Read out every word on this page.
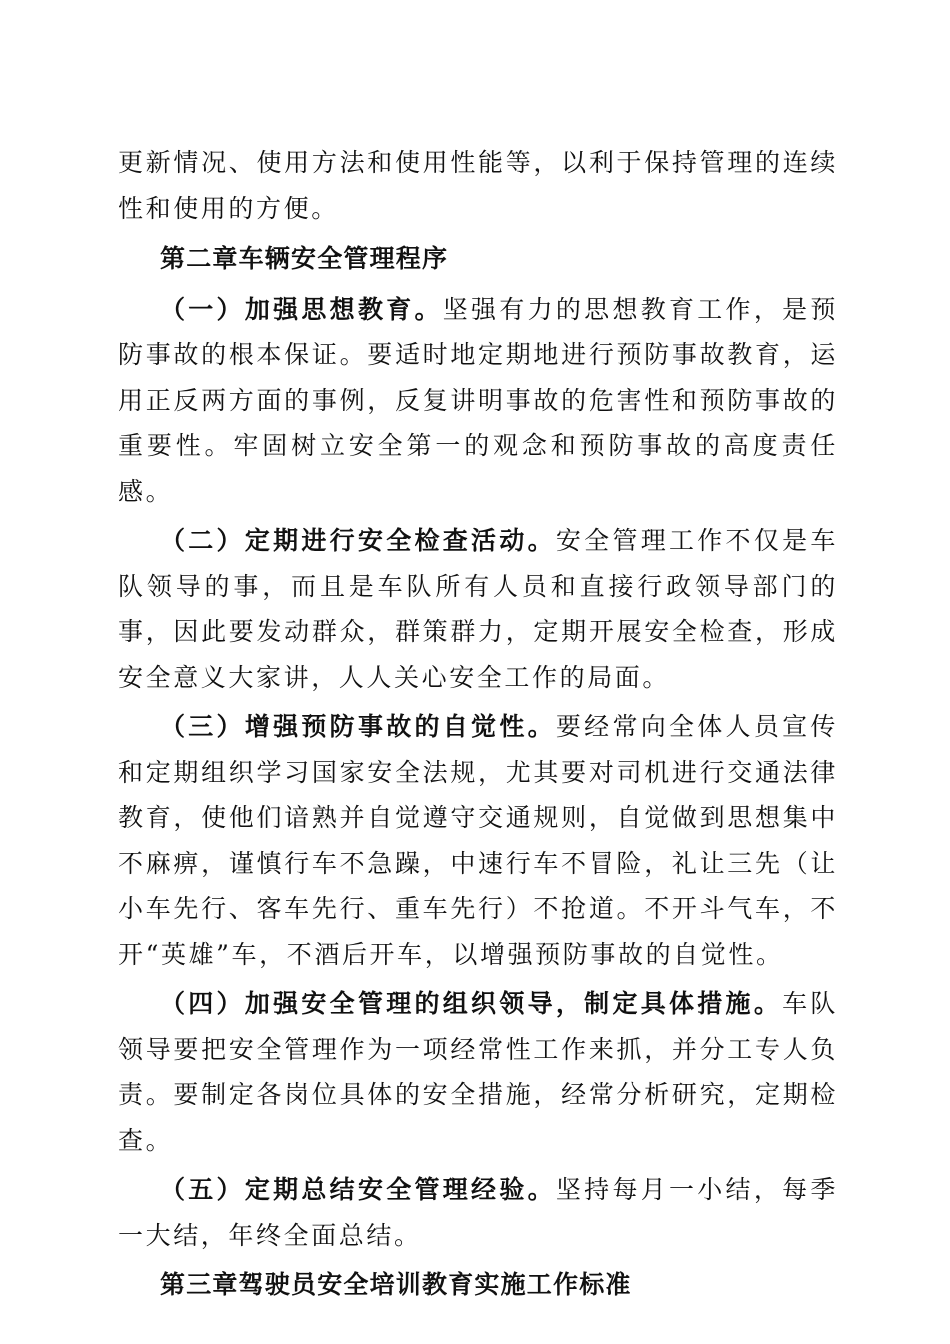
更新情况、使用方法和使用性能等，以利于保持管理的连续性和使用的方便。

第二章车辆安全管理程序

（一）加强思想教育。坚强有力的思想教育工作，是预防事故的根本保证。要适时地定期地进行预防事故教育，运用正反两方面的事例，反复讲明事故的危害性和预防事故的重要性。牢固树立安全第一的观念和预防事故的高度责任感。

（二）定期进行安全检查活动。安全管理工作不仅是车队领导的事，而且是车队所有人员和直接行政领导部门的事，因此要发动群众，群策群力，定期开展安全检查，形成安全意义大家讲，人人关心安全工作的局面。

（三）增强预防事故的自觉性。要经常向全体人员宣传和定期组织学习国家安全法规，尤其要对司机进行交通法律教育，使他们谙熟并自觉遵守交通规则，自觉做到思想集中不麻痹，谨慎行车不急躁，中速行车不冒险，礼让三先（让小车先行、客车先行、重车先行）不抢道。不开斗气车，不开“英雄”车，不酒后开车，以增强预防事故的自觉性。

（四）加强安全管理的组织领导，制定具体措施。车队领导要把安全管理作为一项经常性工作来抓，并分工专人负责。要制定各岗位具体的安全措施，经常分析研究，定期检查。

（五）定期总结安全管理经验。坚持每月一小结，每季一大结，年终全面总结。

第三章驾驶员安全培训教育实施工作标准
